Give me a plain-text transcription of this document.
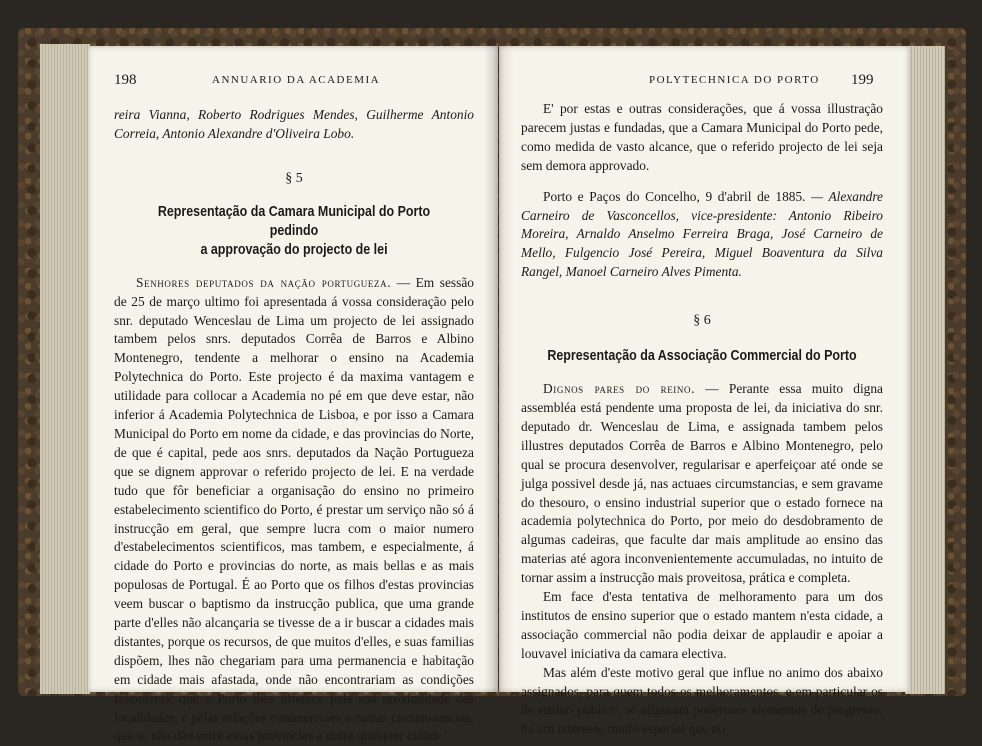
198	ANNUARIO DA ACADEMIA

reira Vianna, Roberto Rodrigues Mendes, Guilherme Antonio Correia, Antonio Alexandre d'Oliveira Lobo.

§ 5

Representação da Camara Municipal do Porto pedindo

a approvação do projecto de lei

Senhores deputados da nação portugueza. — Em sessão de 25 de março ultimo foi apresentada á vossa consideração pelo snr. deputado Wenceslau de Lima um projecto de lei assignado tambem pelos snrs. deputados Corrêa de Barros e Albino Montenegro, tendente a melhorar o ensino na Academia Polytechnica do Porto. Este projecto é da maxima vantagem e utilidade para collocar a Academia no pé em que deve estar, não inferior á Academia Polytechnica de Lisboa, e por isso a Camara Municipal do Porto em nome da cidade, e das provincias do Norte, de que é capital, pede aos snrs. deputados da Nação Portugueza que se dignem approvar o referido projecto de lei. E na verdade tudo que fôr beneficiar a organisação do ensino no primeiro estabelecimento scientifico do Porto, é prestar um serviço não só á instrucção em geral, que sempre lucra com o maior numero d'estabelecimentos scientificos, mas tambem, e especialmente, á cidade do Porto e provincias do norte, as mais bellas e as mais populosas de Portugal. É ao Porto que os filhos d'estas provincias veem buscar o baptismo da instrucção publica, que uma grande parte d'elles não alcançaria se tivesse de a ir buscar a cidades mais distantes, porque os recursos, de que muitos d'elles, e suas familias dispõem, lhes não chegariam para uma permanencia e habitação em cidade mais afastada, onde não encontrariam as condições favoraveis, que o Porto lhes offerece pela sua proximidade das localidades, e pelas relações commerciaes e outras circumstancias, que se não dão entre essas provincias e outra qualquer cidade.

POLYTECHNICA DO PORTO 199

E' por estas e outras considerações, que á vossa illustração parecem justas e fundadas, que a Camara Municipal do Porto pede, como medida de vasto alcance, que o referido projecto de lei seja sem demora approvado.

Porto e Paços do Concelho, 9 d'abril de 1885. — Alexandre Carneiro de Vasconcellos, vice-presidente: Antonio Ribeiro Moreira, Arnaldo Anselmo Ferreira Braga, José Carneiro de Mello, Fulgencio José Pereira, Miguel Boaventura da Silva Rangel, Manoel Carneiro Alves Pimenta.

§ 6

Representação da Associação Commercial do Porto

Dignos pares do reino. — Perante essa muito digna assembléa está pendente uma proposta de lei, da iniciativa do snr. deputado dr. Wenceslau de Lima, e assignada tambem pelos illustres deputados Corrêa de Barros e Albino Montenegro, pelo qual se procura desenvolver, regularisar e aperfeiçoar até onde se julga possivel desde já, nas actuaes circumstancias, e sem gravame do thesouro, o ensino industrial superior que o estado fornece na academia polytechnica do Porto, por meio do desdobramento de algumas cadeiras, que faculte dar mais amplitude ao ensino das materias até agora inconvenientemente accumuladas, no intuito de tornar assim a instrucção mais proveitosa, prática e completa.

Em face d'esta tentativa de melhoramento para um dos institutos de ensino superior que o estado mantem n'esta cidade, a associação commercial não podia deixar de applaudir e apoiar a louvavel iniciativa da camara electiva.

Mas além d'este motivo geral que influe no animo dos abaixo assignados, para quem todos os melhoramentos, e em particular os de ensino publico, se afiguram poderosos elementos de progresso, ha um interesse muito especial que no
